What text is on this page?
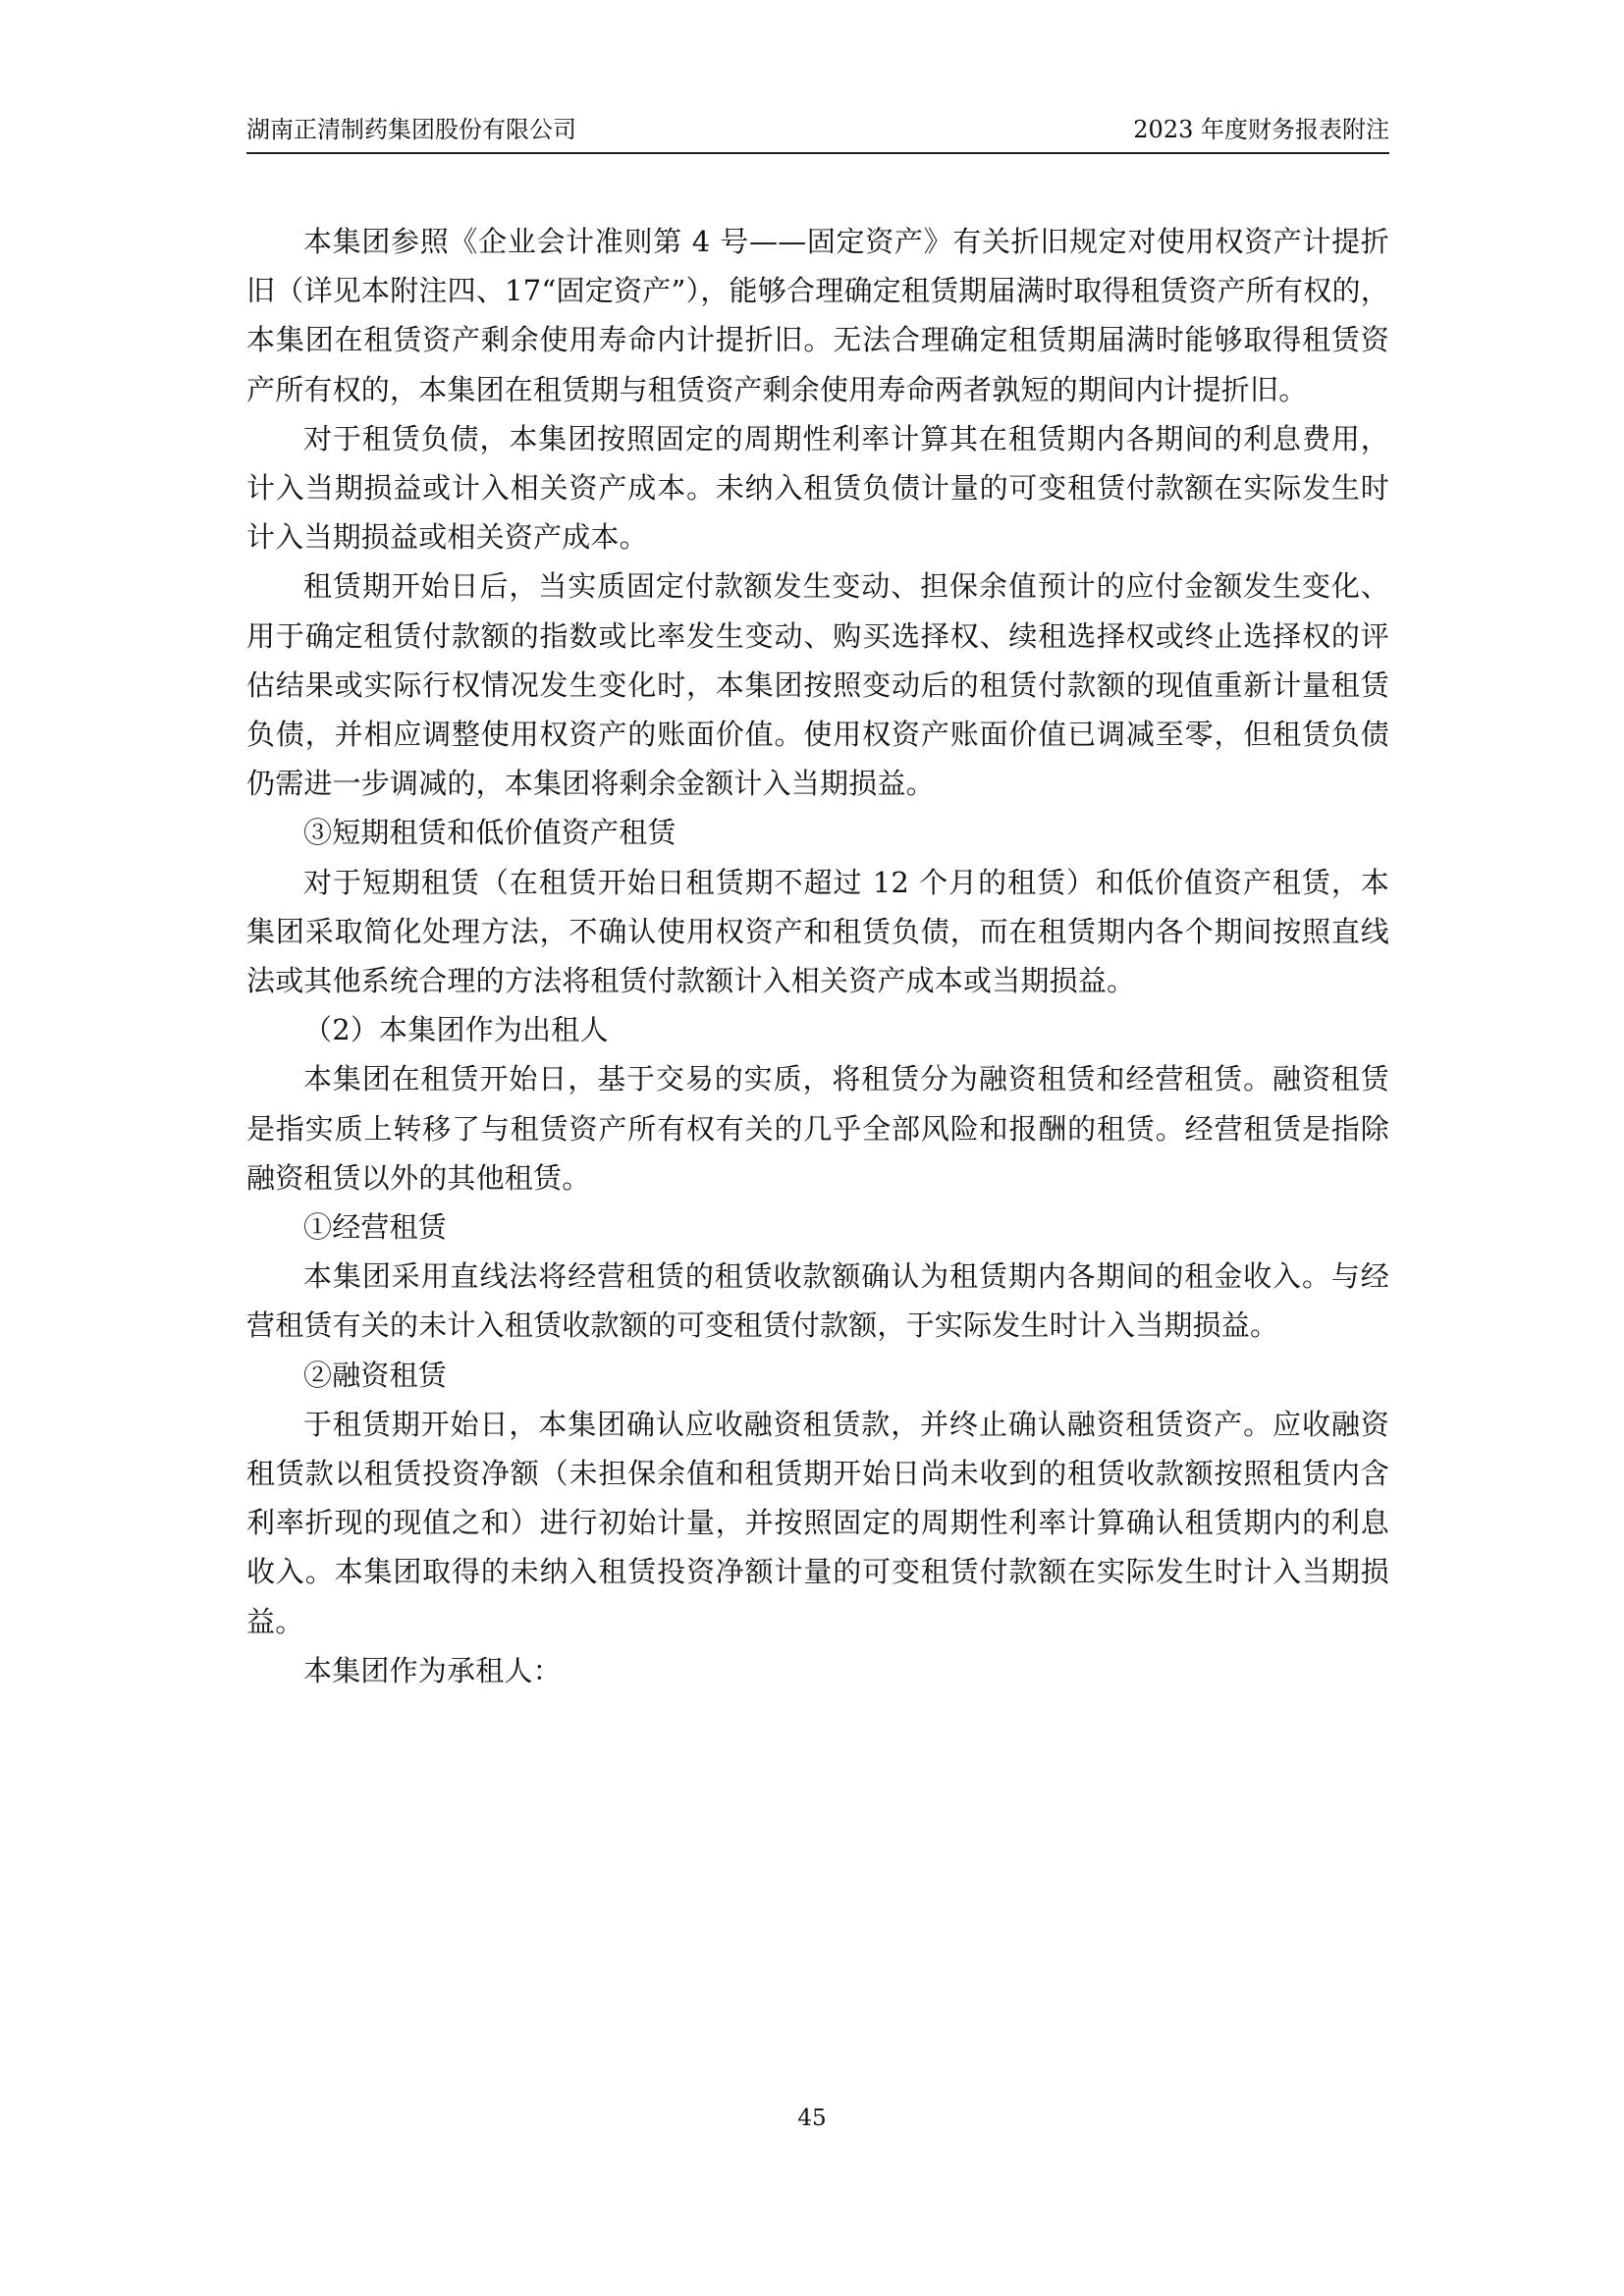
湖南正清制药集团股份有限公司	2023 年度财务报表附注

本集团参照《企业会计准则第 4 号——固定资产》有关折旧规定对使用权资产计提折旧（详见本附注四、17“固定资产”），能够合理确定租赁期届满时取得租赁资产所有权的，本集团在租赁资产剩余使用寿命内计提折旧。无法合理确定租赁期届满时能够取得租赁资产所有权的，本集团在租赁期与租赁资产剩余使用寿命两者孰短的期间内计提折旧。

对于租赁负债，本集团按照固定的周期性利率计算其在租赁期内各期间的利息费用，计入当期损益或计入相关资产成本。未纳入租赁负债计量的可变租赁付款额在实际发生时计入当期损益或相关资产成本。

租赁期开始日后，当实质固定付款额发生变动、担保余值预计的应付金额发生变化、用于确定租赁付款额的指数或比率发生变动、购买选择权、续租选择权或终止选择权的评估结果或实际行权情况发生变化时，本集团按照变动后的租赁付款额的现值重新计量租赁负债，并相应调整使用权资产的账面价值。使用权资产账面价值已调减至零，但租赁负债仍需进一步调减的，本集团将剩余金额计入当期损益。

③短期租赁和低价值资产租赁

对于短期租赁（在租赁开始日租赁期不超过 12 个月的租赁）和低价值资产租赁，本集团采取简化处理方法，不确认使用权资产和租赁负债，而在租赁期内各个期间按照直线法或其他系统合理的方法将租赁付款额计入相关资产成本或当期损益。

（2）本集团作为出租人

本集团在租赁开始日，基于交易的实质，将租赁分为融资租赁和经营租赁。融资租赁是指实质上转移了与租赁资产所有权有关的几乎全部风险和报酬的租赁。经营租赁是指除融资租赁以外的其他租赁。

①经营租赁

本集团采用直线法将经营租赁的租赁收款额确认为租赁期内各期间的租金收入。与经营租赁有关的未计入租赁收款额的可变租赁付款额，于实际发生时计入当期损益。

②融资租赁

于租赁期开始日，本集团确认应收融资租赁款，并终止确认融资租赁资产。应收融资租赁款以租赁投资净额（未担保余值和租赁期开始日尚未收到的租赁收款额按照租赁内含利率折现的现值之和）进行初始计量，并按照固定的周期性利率计算确认租赁期内的利息收入。本集团取得的未纳入租赁投资净额计量的可变租赁付款额在实际发生时计入当期损益。

本集团作为承租人：

45
